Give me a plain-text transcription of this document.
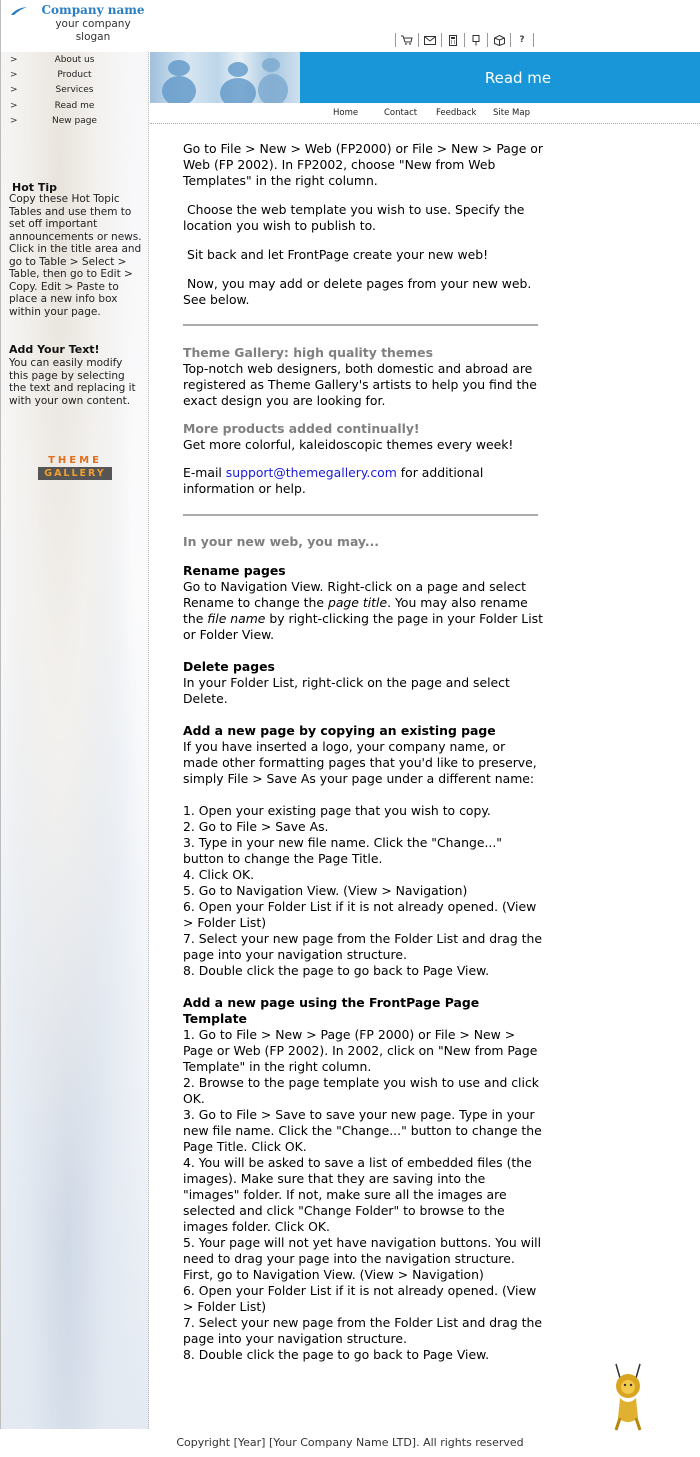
Company name
your company
slogan	?
>	About us
>	Product
>	Services
>	Read me
>	New page
Hot Tip
Copy these Hot Topic Tables and use them to set off important announcements or news. Click in the title area and go to Table > Select > Table, then go to Edit > Copy. Edit > Paste to place a new info box within your page.
Add Your Text!
You can easily modify this page by selecting the text and replacing it with your own content.
THEME
GALLERY
Read me
Home	Contact Feedback Site Map

Go to File > New > Web (FP2000) or File > New > Page or Web (FP 2002). In FP2002, choose "New from Web Templates" in the right column.

Choose the web template you wish to use. Specify the location you wish to publish to.

Sit back and let FrontPage create your new web!

Now, you may add or delete pages from your new web. See below.

Theme Gallery: high quality themes

Top-notch web designers, both domestic and abroad are registered as Theme Gallery's artists to help you find the exact design you are looking for.

More products added continually!

Get more colorful, kaleidoscopic themes every week!

E-mail support@themegallery.com for additional information or help.

In your new web, you may...

Rename pages

Go to Navigation View. Right-click on a page and select Rename to change the page title. You may also rename the file name by right-clicking the page in your Folder List or Folder View.

Delete pages

In your Folder List, right-click on the page and select Delete.

Add a new page by copying an existing page

If you have inserted a logo, your company name, or made other formatting pages that you'd like to preserve, simply File > Save As your page under a different name:

1. Open your existing page that you wish to copy.

2. Go to File > Save As.

3. Type in your new file name. Click the "Change..." button to change the Page Title.

4. Click OK.

5. Go to Navigation View. (View > Navigation)

6. Open your Folder List if it is not already opened. (View > Folder List)

7. Select your new page from the Folder List and drag the page into your navigation structure.

8. Double click the page to go back to Page View.

Add a new page using the FrontPage Page Template

1. Go to File > New > Page (FP 2000) or File > New > Page or Web (FP 2002). In 2002, click on "New from Page Template" in the right column.

2. Browse to the page template you wish to use and click OK.

3. Go to File > Save to save your new page. Type in your new file name. Click the "Change..." button to change the Page Title. Click OK.

4. You will be asked to save a list of embedded files (the images). Make sure that they are saving into the "images" folder. If not, make sure all the images are selected and click "Change Folder" to browse to the images folder. Click OK.

5. Your page will not yet have navigation buttons. You will need to drag your page into the navigation structure. First, go to Navigation View. (View > Navigation)

6. Open your Folder List if it is not already opened. (View > Folder List)

7. Select your new page from the Folder List and drag the page into your navigation structure.

8. Double click the page to go back to Page View.

Copyright [Year] [Your Company Name LTD]. All rights reserved
